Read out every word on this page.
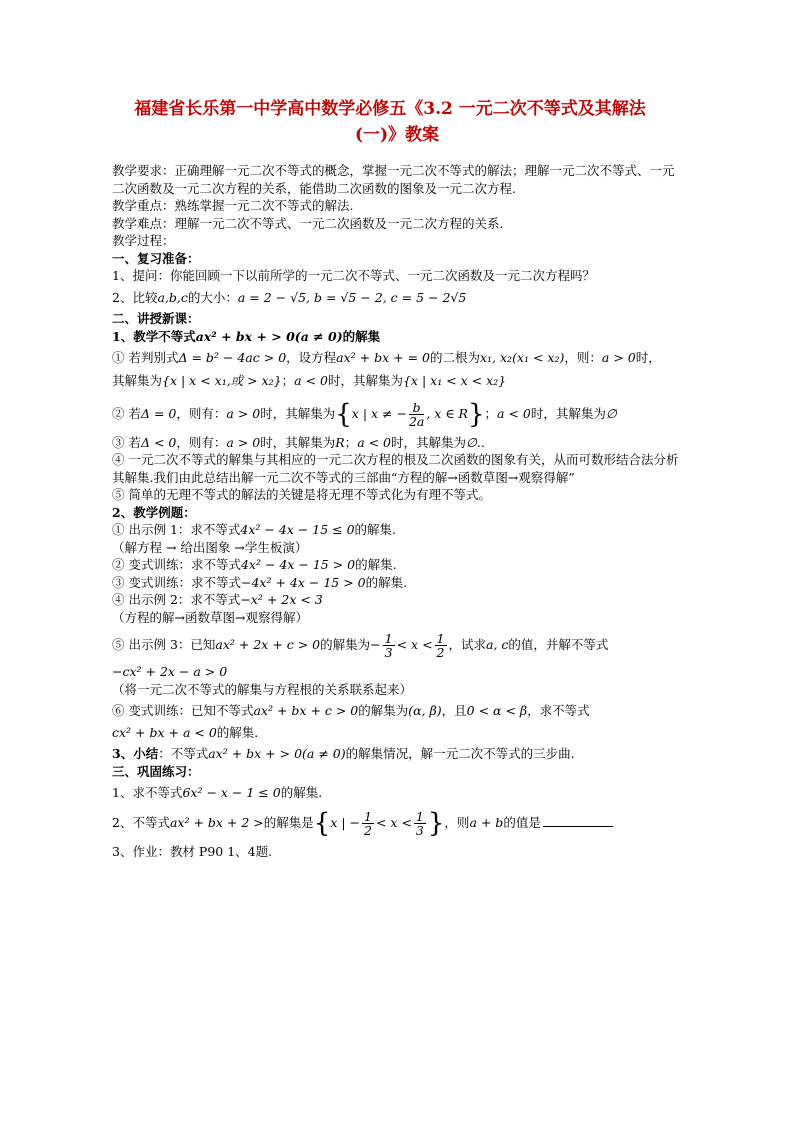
福建省长乐第一中学高中数学必修五《3.2 一元二次不等式及其解法
(一)》教案

教学要求：正确理解一元二次不等式的概念，掌握一元二次不等式的解法；理解一元二次不等式、一元二次函数及一元二次方程的关系，能借助二次函数的图象及一元二次方程.

教学重点：熟练掌握一元二次不等式的解法.

教学难点：理解一元二次不等式、一元二次函数及一元二次方程的关系.

教学过程：

一、复习准备：

1、提问：你能回顾一下以前所学的一元二次不等式、一元二次函数及一元二次方程吗？

2、比较a,b,c的大小：a = 2 − √5, b = √5 − 2, c = 5 − 2√5

二、讲授新课：

1、教学不等式ax² + bx + > 0(a ≠ 0)的解集

① 若判别式Δ = b² − 4ac > 0，设方程ax² + bx + = 0的二根为x₁, x₂(x₁ < x₂)，则：a > 0时，

其解集为{x | x < x₁,或 > x₂}；a < 0时，其解集为{x | x₁ < x < x₂}

② 若Δ = 0，则有：a > 0时，其解集为{x | x ≠ − $\frac{b}{2a}$ , x ∈ R}；a < 0时，其解集为∅

③ 若Δ < 0，则有：a > 0时，其解集为R；a < 0时，其解集为∅..

④ 一元二次不等式的解集与其相应的一元二次方程的根及二次函数的图象有关，从而可数形结合法分析其解集.我们由此总结出解一元二次不等式的三部曲“方程的解→函数草图→观察得解”

⑤ 简单的无理不等式的解法的关键是将无理不等式化为有理不等式。

2、教学例题：

① 出示例 1：求不等式4x² − 4x − 15 ≤ 0的解集.

（解方程 → 给出图象 →学生板演）

② 变式训练：求不等式4x² − 4x − 15 > 0的解集.

③ 变式训练：求不等式−4x² + 4x − 15 > 0的解集.

④ 出示例 2：求不等式−x² + 2x < 3

（方程的解→函数草图→观察得解）

⑤ 出示例 3：已知ax² + 2x + c > 0的解集为− $\frac{1}{3} < x < \frac{1}{2}$ ，试求a, c的值，并解不等式

−cx² + 2x − a > 0

（将一元二次不等式的解集与方程根的关系联系起来）

⑥ 变式训练：已知不等式ax² + bx + c > 0的解集为(α, β)，且0 < α < β，求不等式

cx² + bx + a < 0的解集.

3、小结：不等式ax² + bx + > 0(a ≠ 0)的解集情况，解一元二次不等式的三步曲.

三、巩固练习：

1、求不等式6x² − x − 1 ≤ 0的解集.

2、不等式ax² + bx + 2 >的解集是{x | − $\frac{1}{2} < x < \frac{1}{3}$ }，则a + b的值是

3、作业：教材 P90 1、4题.
